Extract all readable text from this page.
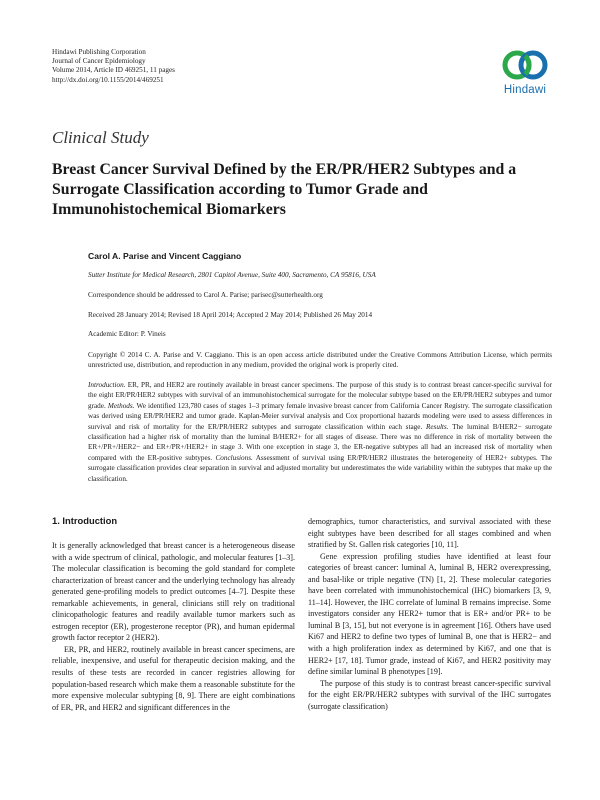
Hindawi Publishing Corporation
Journal of Cancer Epidemiology
Volume 2014, Article ID 469251, 11 pages
http://dx.doi.org/10.1155/2014/469251
Hindawi
Clinical Study
Breast Cancer Survival Defined by the ER/PR/HER2 Subtypes and a Surrogate Classification according to Tumor Grade and Immunohistochemical Biomarkers
Carol A. Parise and Vincent Caggiano
Sutter Institute for Medical Research, 2801 Capitol Avenue, Suite 400, Sacramento, CA 95816, USA
Correspondence should be addressed to Carol A. Parise; parisec@sutterhealth.org
Received 28 January 2014; Revised 18 April 2014; Accepted 2 May 2014; Published 26 May 2014
Academic Editor: P. Vineis
Copyright © 2014 C. A. Parise and V. Caggiano. This is an open access article distributed under the Creative Commons Attribution License, which permits unrestricted use, distribution, and reproduction in any medium, provided the original work is properly cited.
Introduction. ER, PR, and HER2 are routinely available in breast cancer specimens. The purpose of this study is to contrast breast cancer-specific survival for the eight ER/PR/HER2 subtypes with survival of an immunohistochemical surrogate for the molecular subtype based on the ER/PR/HER2 subtypes and tumor grade. Methods. We identified 123,780 cases of stages 1–3 primary female invasive breast cancer from California Cancer Registry. The surrogate classification was derived using ER/PR/HER2 and tumor grade. Kaplan-Meier survival analysis and Cox proportional hazards modeling were used to assess differences in survival and risk of mortality for the ER/PR/HER2 subtypes and surrogate classification within each stage. Results. The luminal B/HER2− surrogate classification had a higher risk of mortality than the luminal B/HER2+ for all stages of disease. There was no difference in risk of mortality between the ER+/PR+/HER2− and ER+/PR+/HER2+ in stage 3. With one exception in stage 3, the ER-negative subtypes all had an increased risk of mortality when compared with the ER-positive subtypes. Conclusions. Assessment of survival using ER/PR/HER2 illustrates the heterogeneity of HER2+ subtypes. The surrogate classification provides clear separation in survival and adjusted mortality but underestimates the wide variability within the subtypes that make up the classification.
1. Introduction

It is generally acknowledged that breast cancer is a heterogeneous disease with a wide spectrum of clinical, pathologic, and molecular features [1–3]. The molecular classification is becoming the gold standard for complete characterization of breast cancer and the underlying technology has already generated gene-profiling models to predict outcomes [4–7]. Despite these remarkable achievements, in general, clinicians still rely on traditional clinicopathologic features and readily available tumor markers such as estrogen receptor (ER), progesterone receptor (PR), and human epidermal growth factor receptor 2 (HER2).

ER, PR, and HER2, routinely available in breast cancer specimens, are reliable, inexpensive, and useful for therapeutic decision making, and the results of these tests are recorded in cancer registries allowing for population-based research which make them a reasonable substitute for the more expensive molecular subtyping [8, 9]. There are eight combinations of ER, PR, and HER2 and significant differences in the

demographics, tumor characteristics, and survival associated with these eight subtypes have been described for all stages combined and when stratified by St. Gallen risk categories [10, 11].

Gene expression profiling studies have identified at least four categories of breast cancer: luminal A, luminal B, HER2 overexpressing, and basal-like or triple negative (TN) [1, 2]. These molecular categories have been correlated with immunohistochemical (IHC) biomarkers [3, 9, 11–14]. However, the IHC correlate of luminal B remains imprecise. Some investigators consider any HER2+ tumor that is ER+ and/or PR+ to be luminal B [3, 15], but not everyone is in agreement [16]. Others have used Ki67 and HER2 to define two types of luminal B, one that is HER2− and with a high proliferation index as determined by Ki67, and one that is HER2+ [17, 18]. Tumor grade, instead of Ki67, and HER2 positivity may define similar luminal B phenotypes [19].

The purpose of this study is to contrast breast cancer-specific survival for the eight ER/PR/HER2 subtypes with survival of the IHC surrogates (surrogate classification)
